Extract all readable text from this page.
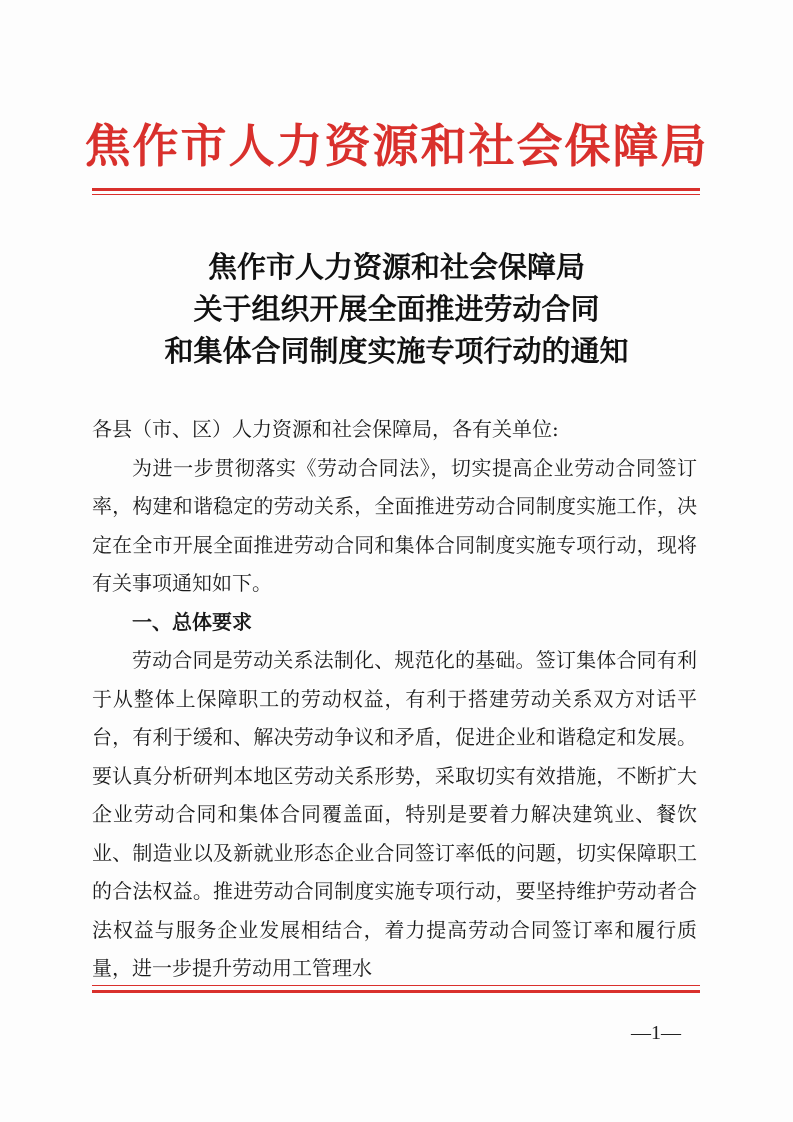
焦作市人力资源和社会保障局
焦作市人力资源和社会保障局
关于组织开展全面推进劳动合同
和集体合同制度实施专项行动的通知

各县（市、区）人力资源和社会保障局，各有关单位:

为进一步贯彻落实《劳动合同法》，切实提高企业劳动合同签订率，构建和谐稳定的劳动关系，全面推进劳动合同制度实施工作，决定在全市开展全面推进劳动合同和集体合同制度实施专项行动，现将有关事项通知如下。

一、总体要求

劳动合同是劳动关系法制化、规范化的基础。签订集体合同有利于从整体上保障职工的劳动权益，有利于搭建劳动关系双方对话平台，有利于缓和、解决劳动争议和矛盾，促进企业和谐稳定和发展。要认真分析研判本地区劳动关系形势，采取切实有效措施，不断扩大企业劳动合同和集体合同覆盖面，特别是要着力解决建筑业、餐饮业、制造业以及新就业形态企业合同签订率低的问题，切实保障职工的合法权益。推进劳动合同制度实施专项行动，要坚持维护劳动者合法权益与服务企业发展相结合，着力提高劳动合同签订率和履行质量，进一步提升劳动用工管理水

—1—
